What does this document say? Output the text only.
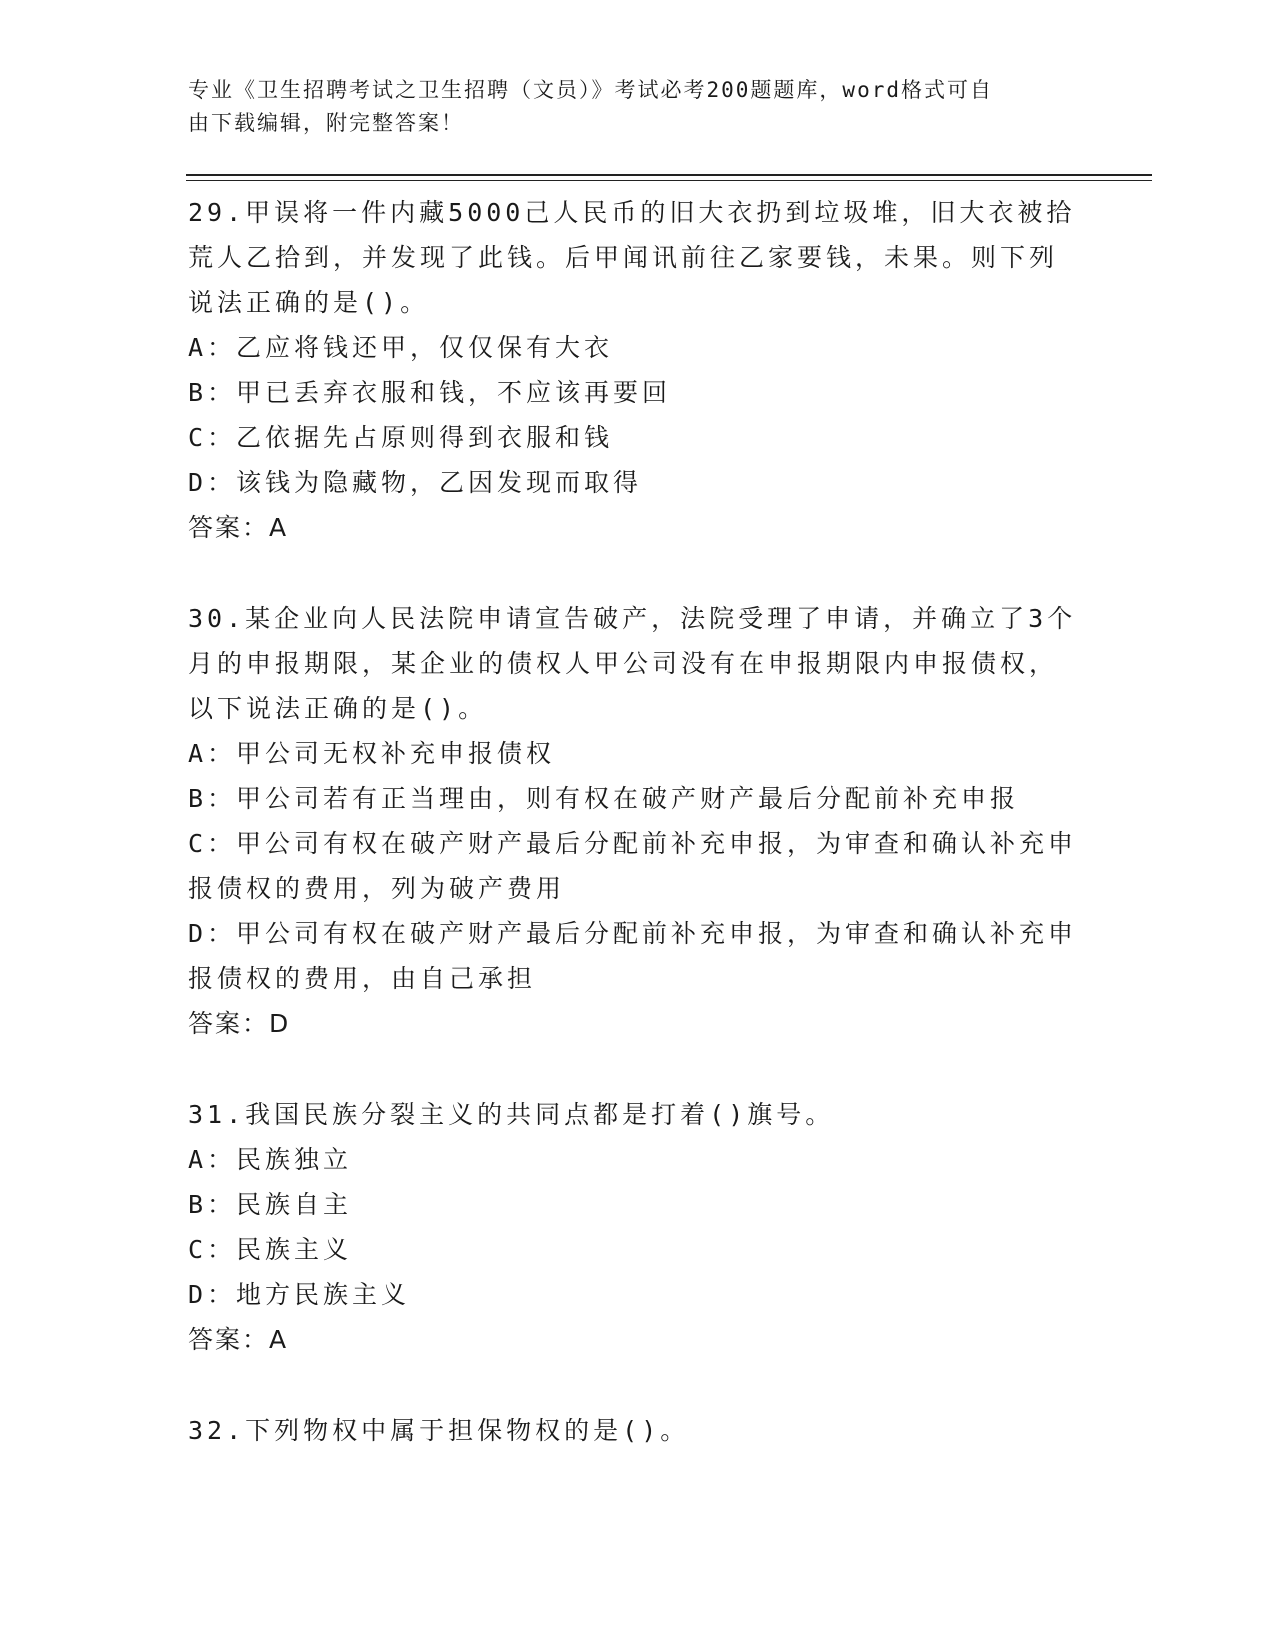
专业《卫生招聘考试之卫生招聘（文员）》考试必考200题题库，word格式可自
由下载编辑，附完整答案！
29.甲误将一件内藏5000己人民币的旧大衣扔到垃圾堆，旧大衣被拾
荒人乙拾到，并发现了此钱。后甲闻讯前往乙家要钱，未果。则下列
说法正确的是()。
A：乙应将钱还甲，仅仅保有大衣
B：甲已丢弃衣服和钱，不应该再要回
C：乙依据先占原则得到衣服和钱
D：该钱为隐藏物，乙因发现而取得
答案：A
30.某企业向人民法院申请宣告破产，法院受理了申请，并确立了3个
月的申报期限，某企业的债权人甲公司没有在申报期限内申报债权，
以下说法正确的是()。
A：甲公司无权补充申报债权
B：甲公司若有正当理由，则有权在破产财产最后分配前补充申报
C：甲公司有权在破产财产最后分配前补充申报，为审查和确认补充申
报债权的费用，列为破产费用
D：甲公司有权在破产财产最后分配前补充申报，为审查和确认补充申
报债权的费用，由自己承担
答案：D
31.我国民族分裂主义的共同点都是打着()旗号。
A：民族独立
B：民族自主
C：民族主义
D：地方民族主义
答案：A
32.下列物权中属于担保物权的是()。
